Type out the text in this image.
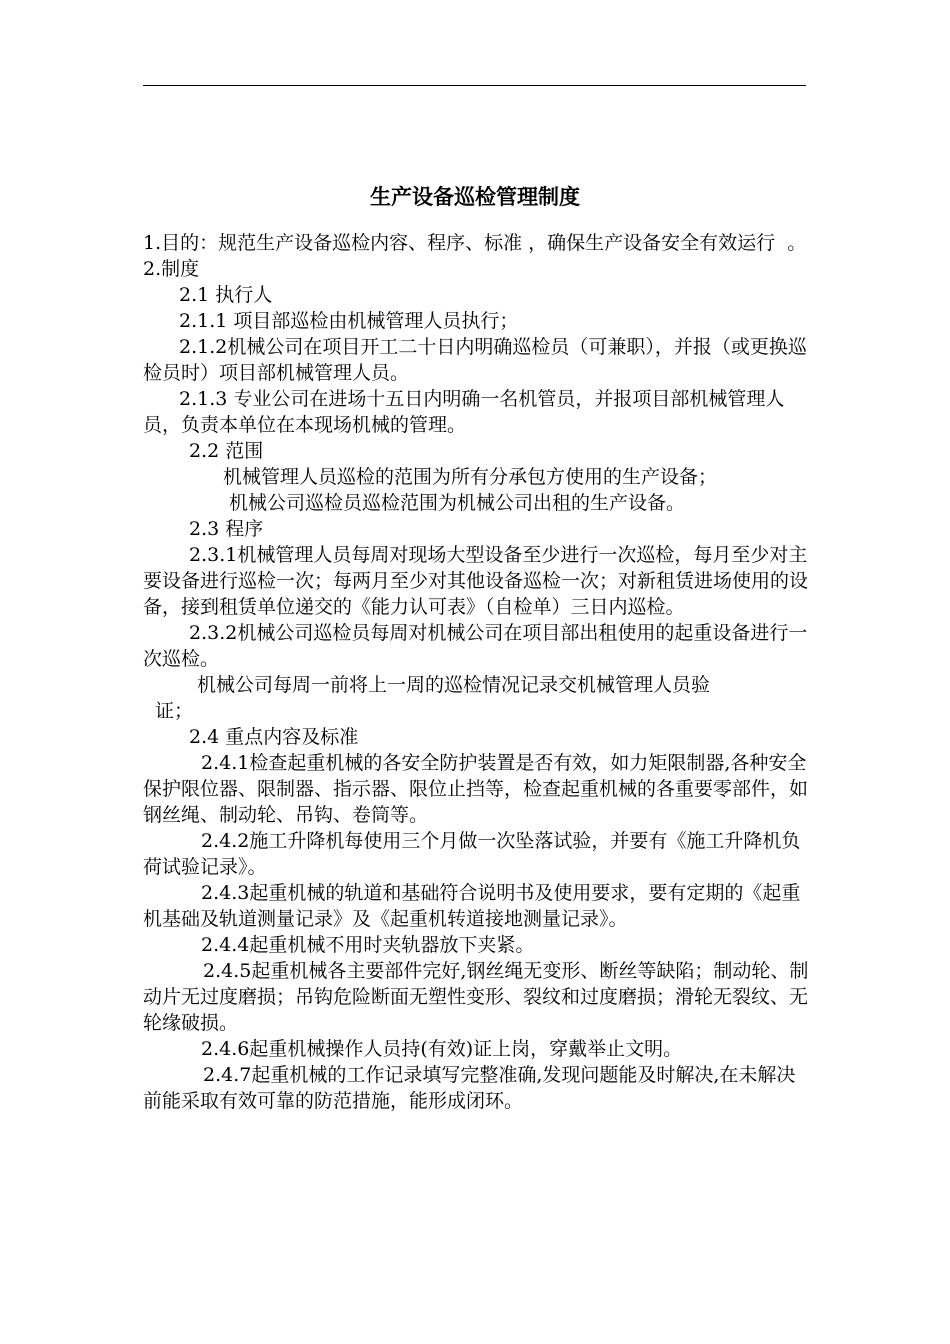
生产设备巡检管理制度

1.目的：规范生产设备巡检内容、程序、标准 ，确保生产设备安全有效运行  。

2.制度

2.1 执行人

2.1.1 项目部巡检由机械管理人员执行；

2.1.2机械公司在项目开工二十日内明确巡检员（可兼职），并报（或更换巡检员时）项目部机械管理人员。

2.1.3 专业公司在进场十五日内明确一名机管员，并报项目部机械管理人员，负责本单位在本现场机械的管理。

2.2 范围

机械管理人员巡检的范围为所有分承包方使用的生产设备；

机械公司巡检员巡检范围为机械公司出租的生产设备。

2.3 程序

2.3.1机械管理人员每周对现场大型设备至少进行一次巡检，每月至少对主要设备进行巡检一次；每两月至少对其他设备巡检一次；对新租赁进场使用的设备，接到租赁单位递交的《能力认可表》（自检单）三日内巡检。

2.3.2机械公司巡检员每周对机械公司在项目部出租使用的起重设备进行一次巡检。

机械公司每周一前将上一周的巡检情况记录交机械管理人员验

证；

2.4 重点内容及标准

2.4.1检查起重机械的各安全防护装置是否有效，如力矩限制器,各种安全保护限位器、限制器、指示器、限位止挡等，检查起重机械的各重要零部件，如钢丝绳、制动轮、吊钩、卷筒等。

2.4.2施工升降机每使用三个月做一次坠落试验，并要有《施工升降机负荷试验记录》。

2.4.3起重机械的轨道和基础符合说明书及使用要求，要有定期的《起重机基础及轨道测量记录》及《起重机转道接地测量记录》。

2.4.4起重机械不用时夹轨器放下夹紧。

2.4.5起重机械各主要部件完好,钢丝绳无变形、断丝等缺陷；制动轮、制动片无过度磨损；吊钩危险断面无塑性变形、裂纹和过度磨损；滑轮无裂纹、无轮缘破损。

2.4.6起重机械操作人员持(有效)证上岗，穿戴举止文明。

2.4.7起重机械的工作记录填写完整准确,发现问题能及时解决,在未解决前能采取有效可靠的防范措施，能形成闭环。
